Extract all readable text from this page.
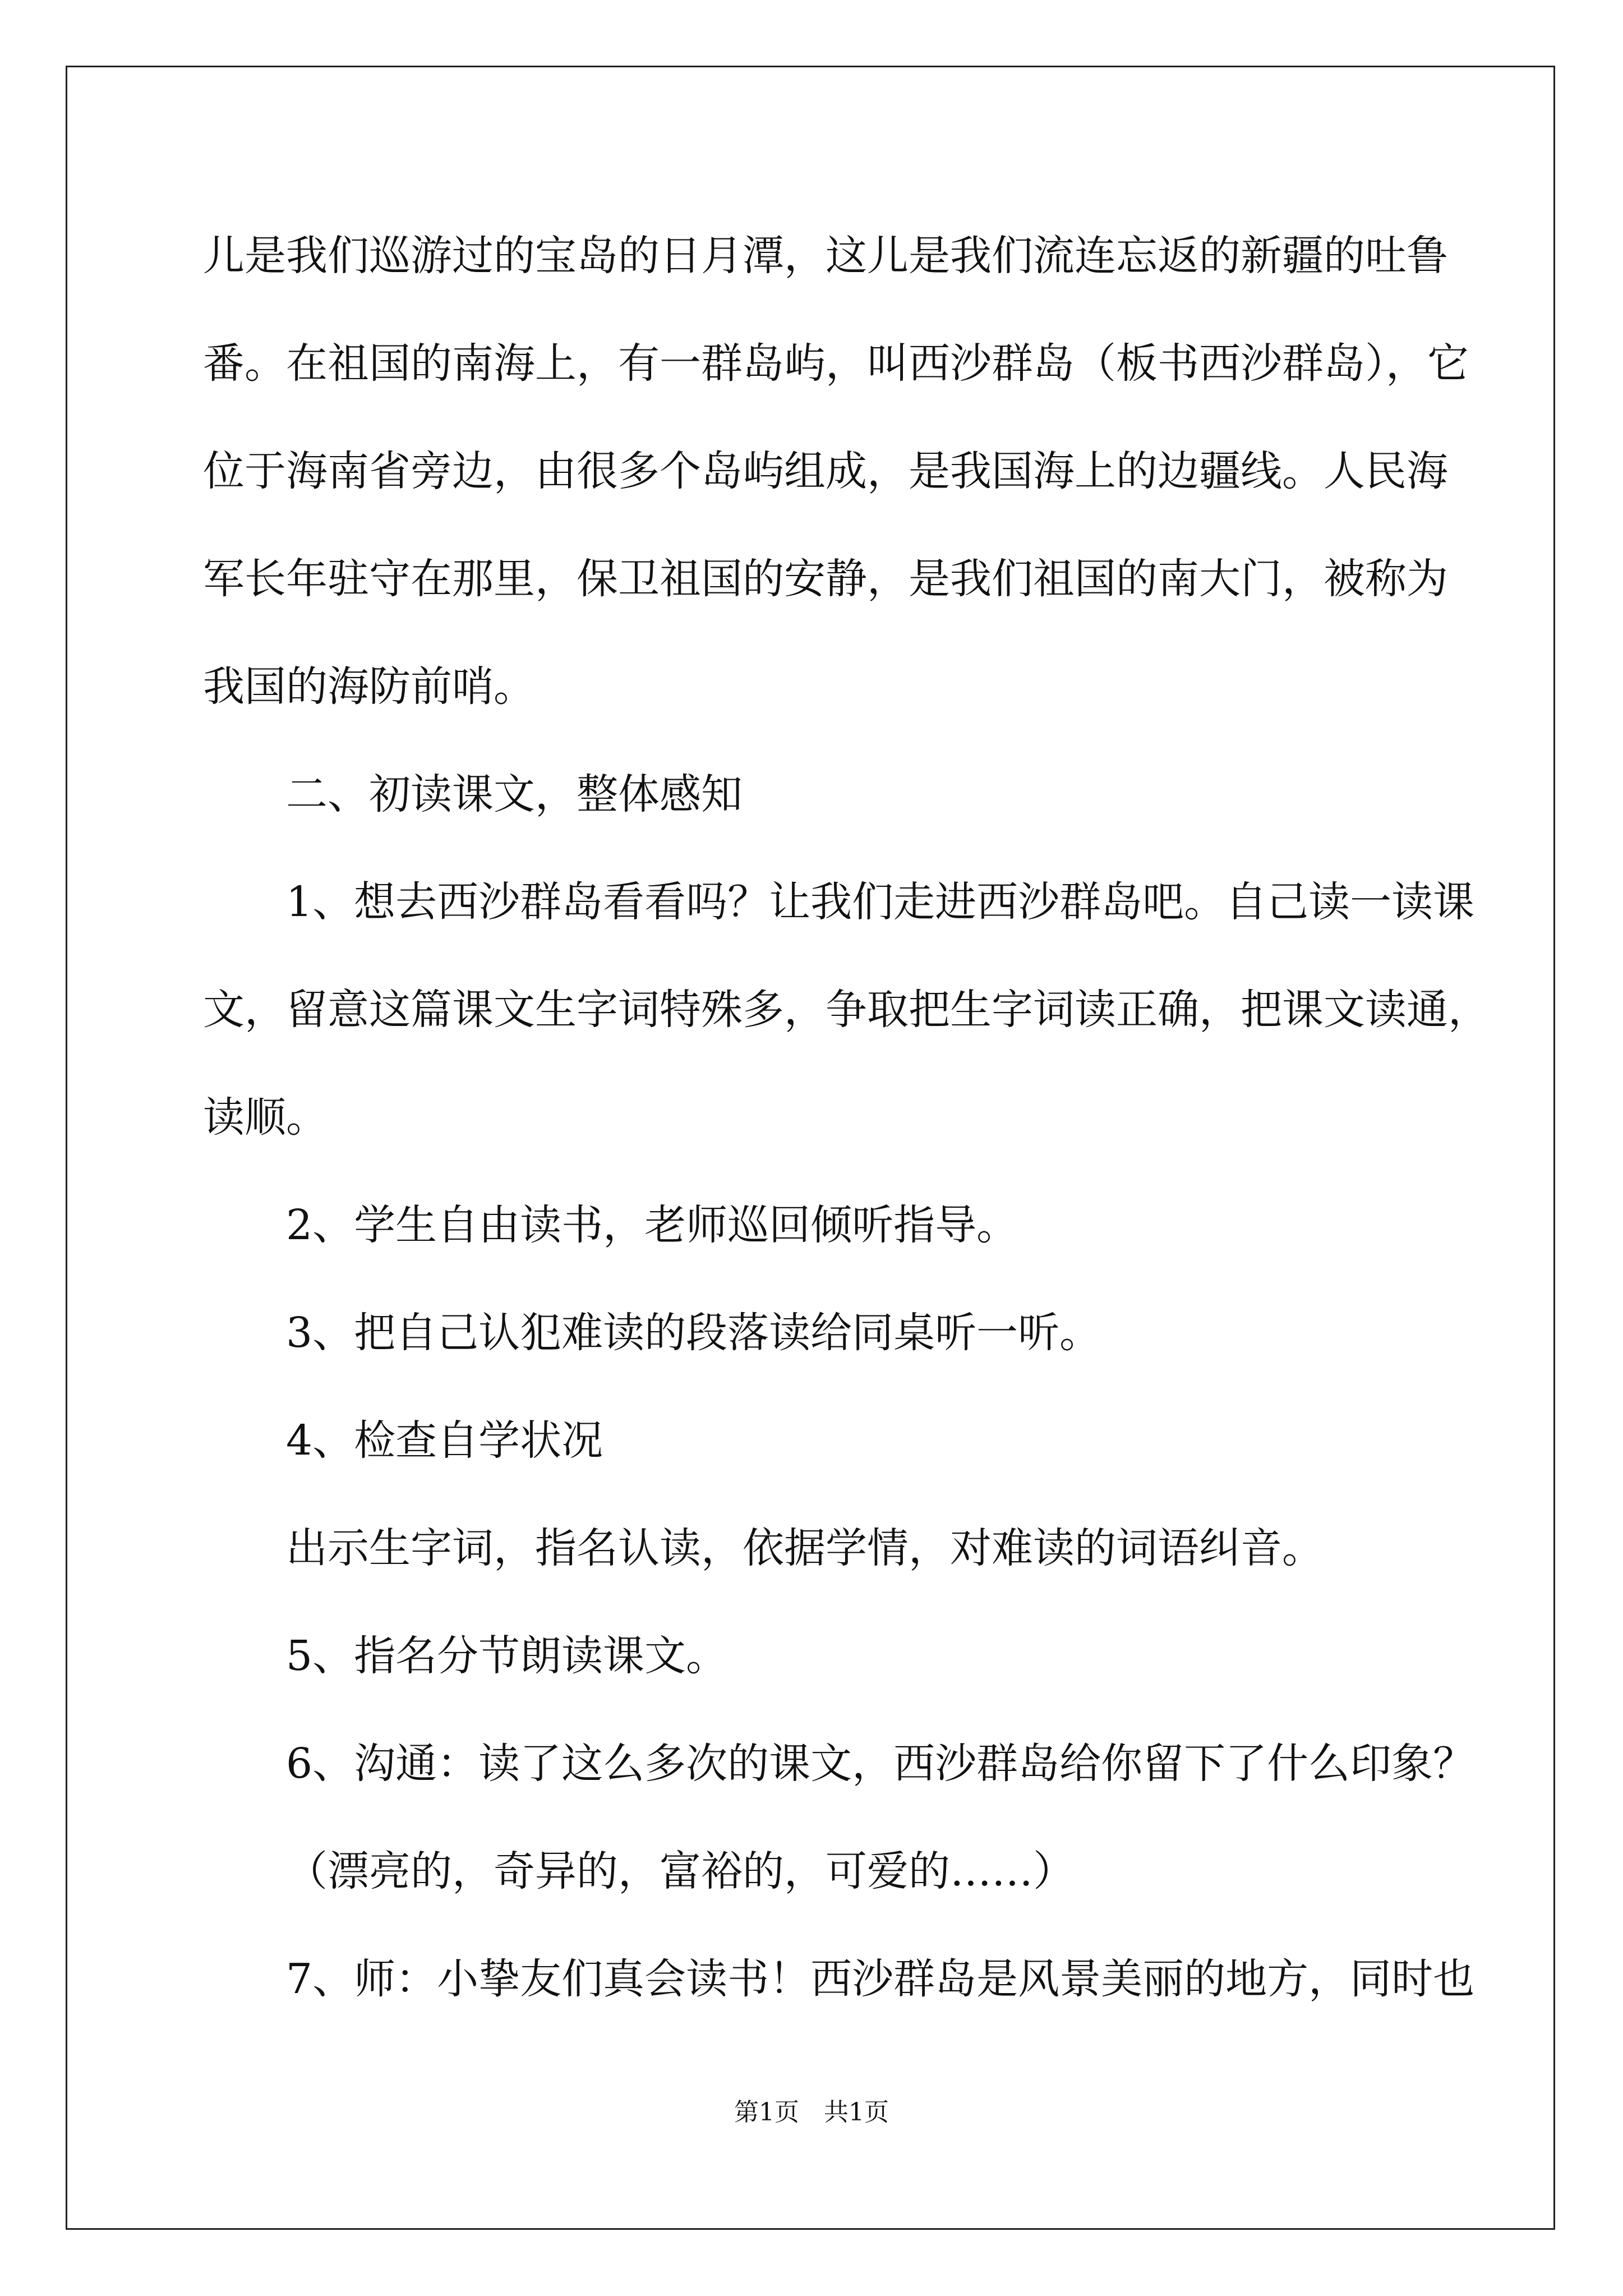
儿是我们巡游过的宝岛的日月潭，这儿是我们流连忘返的新疆的吐鲁
番。在祖国的南海上，有一群岛屿，叫西沙群岛（板书西沙群岛），它
位于海南省旁边，由很多个岛屿组成，是我国海上的边疆线。人民海
军长年驻守在那里，保卫祖国的安静，是我们祖国的南大门，被称为
我国的海防前哨。
二、初读课文，整体感知
1、想去西沙群岛看看吗？让我们走进西沙群岛吧。自己读一读课
文，留意这篇课文生字词特殊多，争取把生字词读正确，把课文读通，
读顺。
2、学生自由读书，老师巡回倾听指导。
3、把自己认犯难读的段落读给同桌听一听。
4、检查自学状况
出示生字词，指名认读，依据学情，对难读的词语纠音。
5、指名分节朗读课文。
6、沟通：读了这么多次的课文，西沙群岛给你留下了什么印象？
（漂亮的，奇异的，富裕的，可爱的……）
7、师：小挚友们真会读书！西沙群岛是风景美丽的地方，同时也
第1页　共1页
